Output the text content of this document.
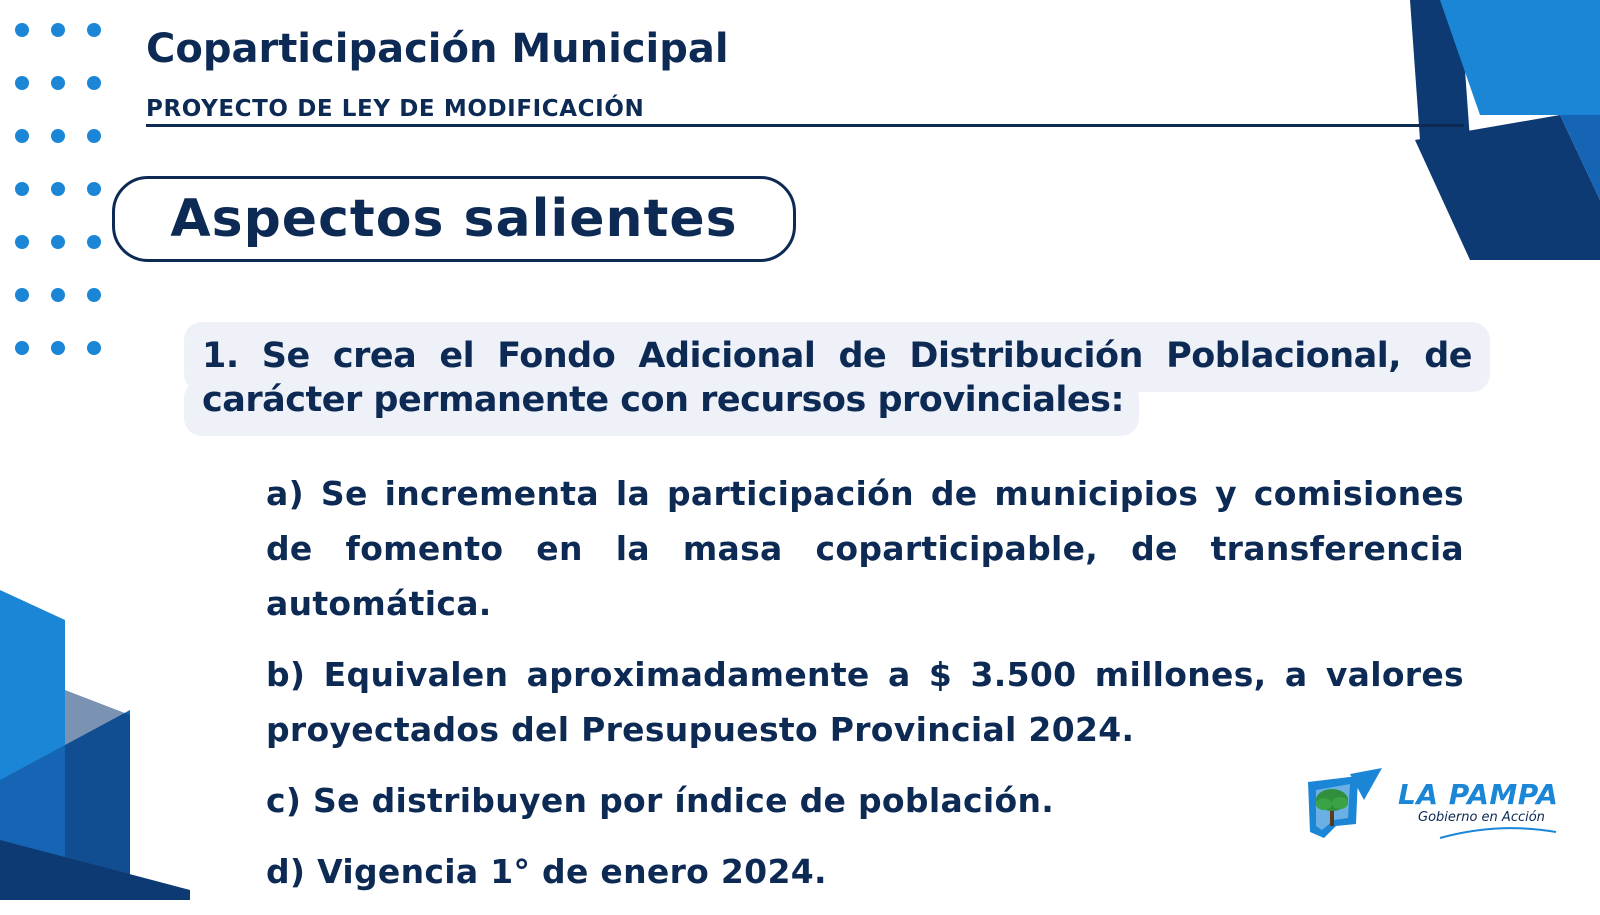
Coparticipación Municipal
PROYECTO DE LEY DE MODIFICACIÓN
Aspectos salientes

1. Se crea el Fondo Adicional de Distribución Poblacional, de carácter permanente con recursos provinciales:

a) Se incrementa la participación de municipios y comisiones de fomento en la masa coparticipable, de transferencia automática.

b) Equivalen aproximadamente a $ 3.500 millones, a valores proyectados del Presupuesto Provincial 2024.

c) Se distribuyen por índice de población.

d) Vigencia 1° de enero 2024.

LA PAMPA

Gobierno en Acción
